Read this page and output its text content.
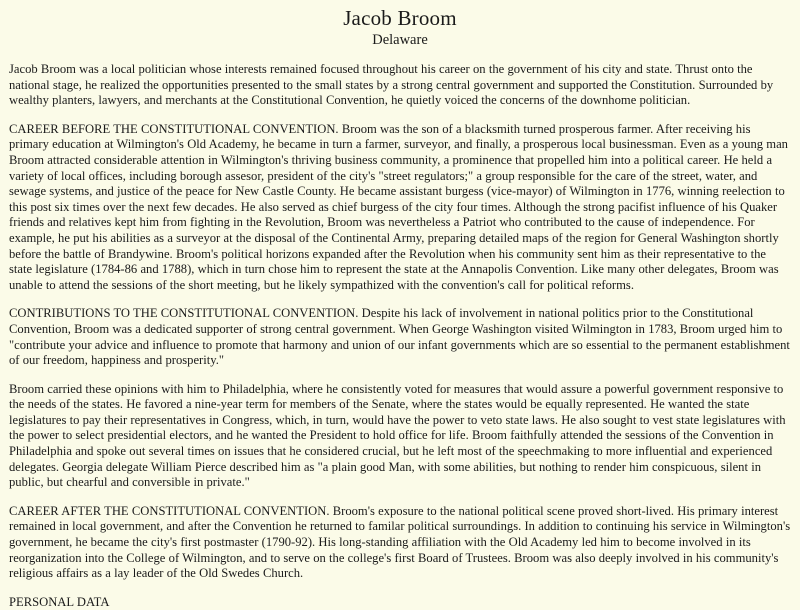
Jacob Broom
Delaware

Jacob Broom was a local politician whose interests remained focused throughout his career on the government of his city and state. Thrust onto the national stage, he realized the opportunities presented to the small states by a strong central government and supported the Constitution. Surrounded by wealthy planters, lawyers, and merchants at the Constitutional Convention, he quietly voiced the concerns of the downhome politician.

CAREER BEFORE THE CONSTITUTIONAL CONVENTION. Broom was the son of a blacksmith turned prosperous farmer. After receiving his primary education at Wilmington's Old Academy, he became in turn a farmer, surveyor, and finally, a prosperous local businessman. Even as a young man Broom attracted considerable attention in Wilmington's thriving business community, a prominence that propelled him into a political career. He held a variety of local offices, including borough assesor, president of the city's "street regulators;" a group responsible for the care of the street, water, and sewage systems, and justice of the peace for New Castle County. He became assistant burgess (vice-mayor) of Wilmington in 1776, winning reelection to this post six times over the next few decades. He also served as chief burgess of the city four times. Although the strong pacifist influence of his Quaker friends and relatives kept him from fighting in the Revolution, Broom was nevertheless a Patriot who contributed to the cause of independence. For example, he put his abilities as a surveyor at the disposal of the Continental Army, preparing detailed maps of the region for General Washington shortly before the battle of Brandywine. Broom's political horizons expanded after the Revolution when his community sent him as their representative to the state legislature (1784-86 and 1788), which in turn chose him to represent the state at the Annapolis Convention. Like many other delegates, Broom was unable to attend the sessions of the short meeting, but he likely sympathized with the convention's call for political reforms.

CONTRIBUTIONS TO THE CONSTITUTIONAL CONVENTION. Despite his lack of involvement in national politics prior to the Constitutional Convention, Broom was a dedicated supporter of strong central government. When George Washington visited Wilmington in 1783, Broom urged him to "contribute your advice and influence to promote that harmony and union of our infant governments which are so essential to the permanent establishment of our freedom, happiness and prosperity."

Broom carried these opinions with him to Philadelphia, where he consistently voted for measures that would assure a powerful government responsive to the needs of the states. He favored a nine-year term for members of the Senate, where the states would be equally represented. He wanted the state legislatures to pay their representatives in Congress, which, in turn, would have the power to veto state laws. He also sought to vest state legislatures with the power to select presidential electors, and he wanted the President to hold office for life. Broom faithfully attended the sessions of the Convention in Philadelphia and spoke out several times on issues that he considered crucial, but he left most of the speechmaking to more influential and experienced delegates. Georgia delegate William Pierce described him as "a plain good Man, with some abilities, but nothing to render him conspicuous, silent in public, but chearful and conversible in private."

CAREER AFTER THE CONSTITUTIONAL CONVENTION. Broom's exposure to the national political scene proved short-lived. His primary interest remained in local government, and after the Convention he returned to familar political surroundings. In addition to continuing his service in Wilmington's government, he became the city's first postmaster (1790-92). His long-standing affiliation with the Old Academy led him to become involved in its reorganization into the College of Wilmington, and to serve on the college's first Board of Trustees. Broom was also deeply involved in his community's religious affairs as a lay leader of the Old Swedes Church.

PERSONAL DATA
